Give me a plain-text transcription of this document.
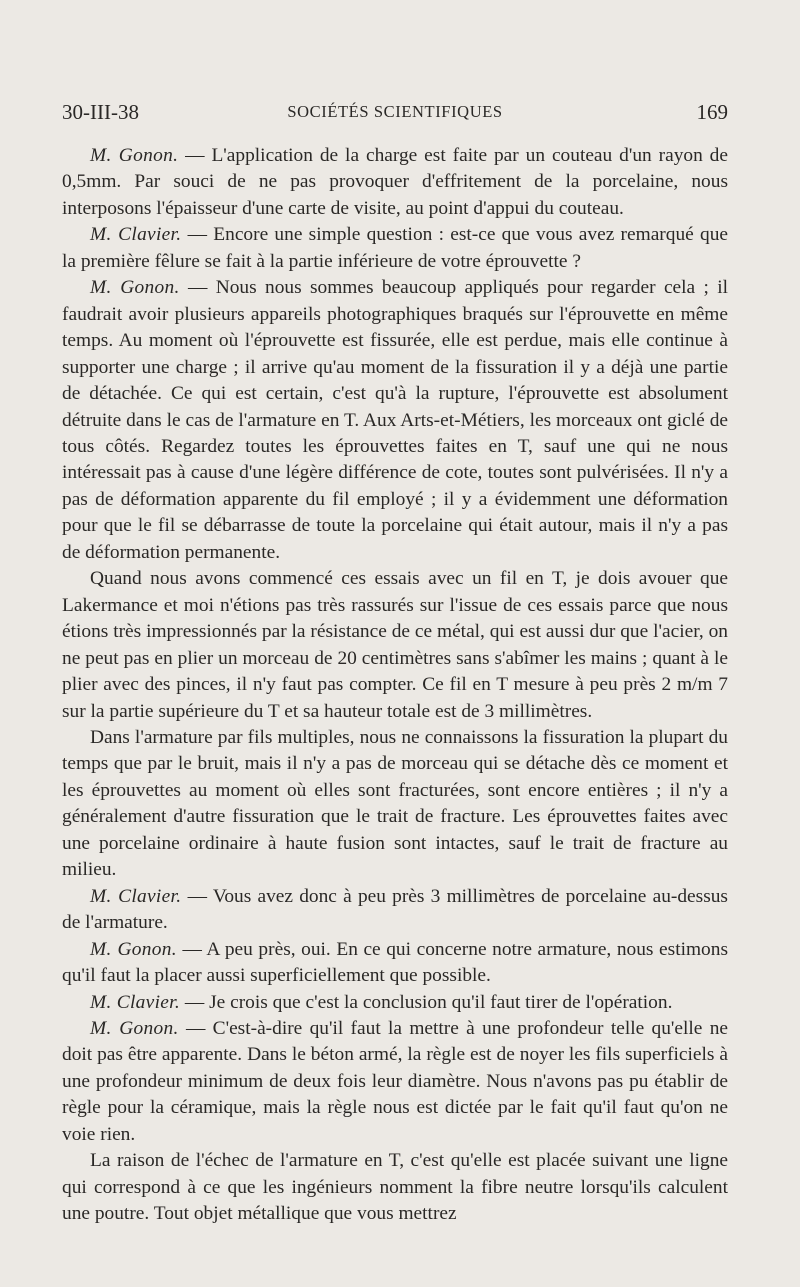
30-III-38	SOCIÉTÉS SCIENTIFIQUES	169

M. Gonon. — L'application de la charge est faite par un couteau d'un rayon de 0,5mm. Par souci de ne pas provoquer d'effritement de la porcelaine, nous interposons l'épaisseur d'une carte de visite, au point d'appui du couteau.

M. Clavier. — Encore une simple question : est-ce que vous avez remarqué que la première fêlure se fait à la partie inférieure de votre éprouvette ?

M. Gonon. — Nous nous sommes beaucoup appliqués pour regarder cela ; il faudrait avoir plusieurs appareils photographiques braqués sur l'éprouvette en même temps. Au moment où l'éprouvette est fissurée, elle est perdue, mais elle continue à supporter une charge ; il arrive qu'au moment de la fissuration il y a déjà une partie de détachée. Ce qui est certain, c'est qu'à la rupture, l'éprouvette est absolument détruite dans le cas de l'armature en T. Aux Arts-et-Métiers, les morceaux ont giclé de tous côtés. Regardez toutes les éprouvettes faites en T, sauf une qui ne nous intéressait pas à cause d'une légère différence de cote, toutes sont pulvérisées. Il n'y a pas de déformation apparente du fil employé ; il y a évidemment une déformation pour que le fil se débarrasse de toute la porcelaine qui était autour, mais il n'y a pas de déformation permanente.

Quand nous avons commencé ces essais avec un fil en T, je dois avouer que Lakermance et moi n'étions pas très rassurés sur l'issue de ces essais parce que nous étions très impressionnés par la résistance de ce métal, qui est aussi dur que l'acier, on ne peut pas en plier un morceau de 20 centimètres sans s'abîmer les mains ; quant à le plier avec des pinces, il n'y faut pas compter. Ce fil en T mesure à peu près 2 m/m 7 sur la partie supérieure du T et sa hauteur totale est de 3 millimètres.

Dans l'armature par fils multiples, nous ne connaissons la fissuration la plupart du temps que par le bruit, mais il n'y a pas de morceau qui se détache dès ce moment et les éprouvettes au moment où elles sont fracturées, sont encore entières ; il n'y a généralement d'autre fissuration que le trait de fracture. Les éprouvettes faites avec une porcelaine ordinaire à haute fusion sont intactes, sauf le trait de fracture au milieu.

M. Clavier. — Vous avez donc à peu près 3 millimètres de porcelaine au-dessus de l'armature.

M. Gonon. — A peu près, oui. En ce qui concerne notre armature, nous estimons qu'il faut la placer aussi superficiellement que possible.

M. Clavier. — Je crois que c'est la conclusion qu'il faut tirer de l'opération.

M. Gonon. — C'est-à-dire qu'il faut la mettre à une profondeur telle qu'elle ne doit pas être apparente. Dans le béton armé, la règle est de noyer les fils superficiels à une profondeur minimum de deux fois leur diamètre. Nous n'avons pas pu établir de règle pour la céramique, mais la règle nous est dictée par le fait qu'il faut qu'on ne voie rien.

La raison de l'échec de l'armature en T, c'est qu'elle est placée suivant une ligne qui correspond à ce que les ingénieurs nomment la fibre neutre lorsqu'ils calculent une poutre. Tout objet métallique que vous mettrez
